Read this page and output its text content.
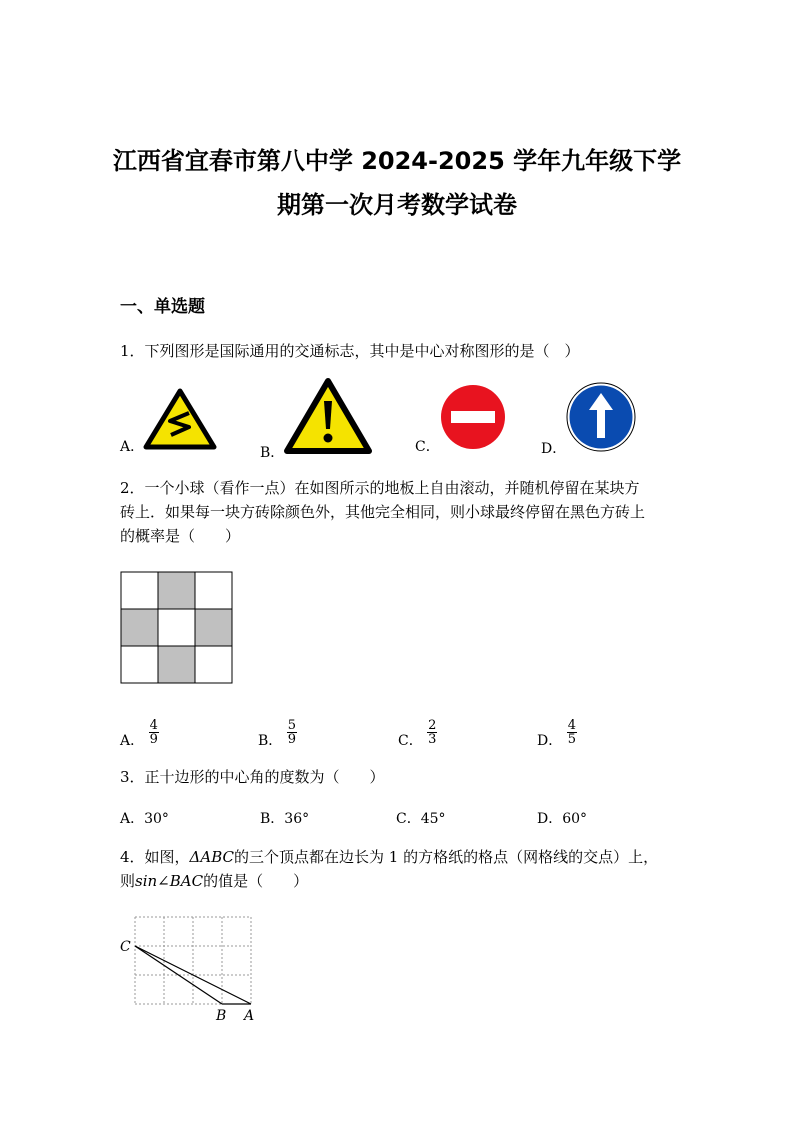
江西省宜春市第八中学 2024-2025 学年九年级下学
期第一次月考数学试卷
一、单选题
1．下列图形是国际通用的交通标志，其中是中心对称图形的是（　）
A．	B．	C．	D．
2．一个小球（看作一点）在如图所示的地板上自由滚动，并随机停留在某块方
砖上．如果每一块方砖除颜色外，其他完全相同，则小球最终停留在黑色方砖上
的概率是（　　）
A． $\frac{4}{9}$	B． $\frac{5}{9}$	C． $\frac{2}{3}$	D． $\frac{4}{5}$
3．正十边形的中心角的度数为（　　）
A．30°	B．36°	C．45°	D．60°
4．如图，ΔABC的三个顶点都在边长为 1 的方格纸的格点（网格线的交点）上，
则sin∠BAC的值是（　　）
C
B A
